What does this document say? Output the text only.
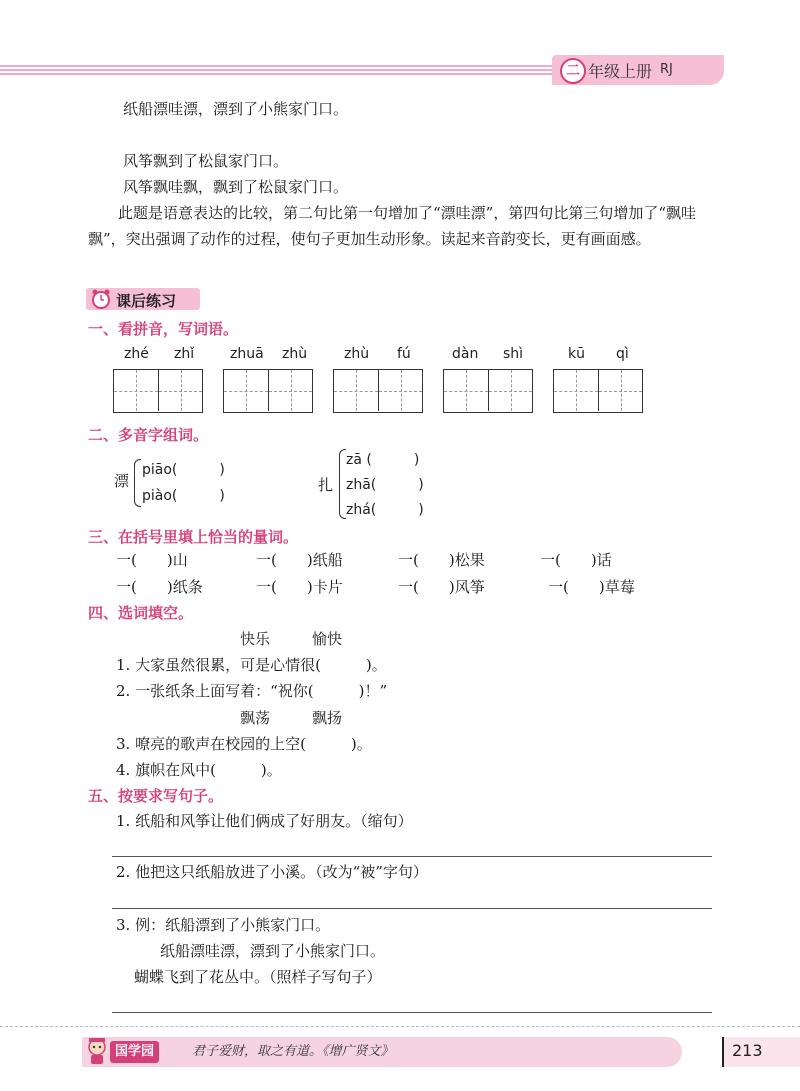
二 年级上册 RJ
纸船漂哇漂，漂到了小熊家门口。
风筝飘到了松鼠家门口。
风筝飘哇飘，飘到了松鼠家门口。
此题是语意表达的比较，第二句比第一句增加了“漂哇漂”，第四句比第三句增加了“飘哇飘”，突出强调了动作的过程，使句子更加生动形象。读起来音韵变长，更有画面感。
课后练习
一、看拼音，写词语。
zhé zhǐ	zhuā zhù	zhù fú	dàn shì	kū qì
二、多音字组词。
漂
piāo(　　　)
piào(　　　)
扎
zā (　　　)
zhā(　　　)
zhá(　　　)
三、在括号里填上恰当的量词。
一(　　)山	一(　　)纸船	一(　　)松果	一(　　)话
一(　　)纸条	一(　　)卡片	一(　　)风筝	一(　　)草莓
四、选词填空。
快乐	愉快
1. 大家虽然很累，可是心情很(　　　)。
2. 一张纸条上面写着：“祝你(　　　)！”
飘荡	飘扬
3. 嘹亮的歌声在校园的上空(　　　)。
4. 旗帜在风中(　　　)。
五、按要求写句子。
1. 纸船和风筝让他们俩成了好朋友。（缩句）
2. 他把这只纸船放进了小溪。（改为“被”字句）
3. 例：纸船漂到了小熊家门口。
纸船漂哇漂，漂到了小熊家门口。
蝴蝶飞到了花丛中。（照样子写句子）
国学园	君子爱财，取之有道。《增广贤文》	213
